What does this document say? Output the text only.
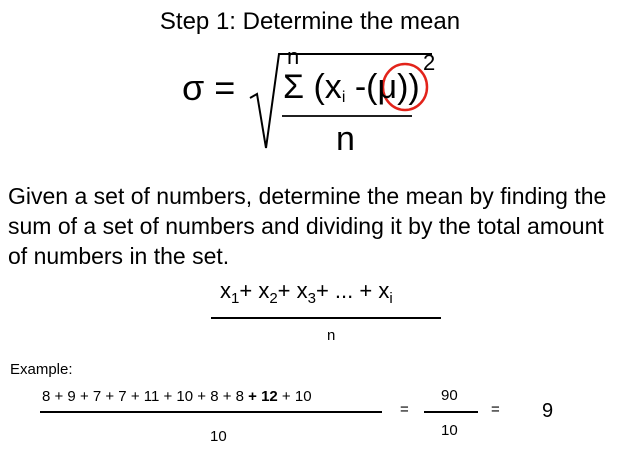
Step 1: Determine the mean
σ =
n
Σ ($x_i$ -(μ))
2
n
Given a set of numbers, determine the mean by finding the sum of a set of numbers and dividing it by the total amount of numbers in the set.
$x_1+ x_2+ x_3+$ ... + $x_i$
n
Example:
8 + 9 + 7 + 7 + 11 + 10 + 8 + 8 + 12 + 10
10
=
90
10
= 9
